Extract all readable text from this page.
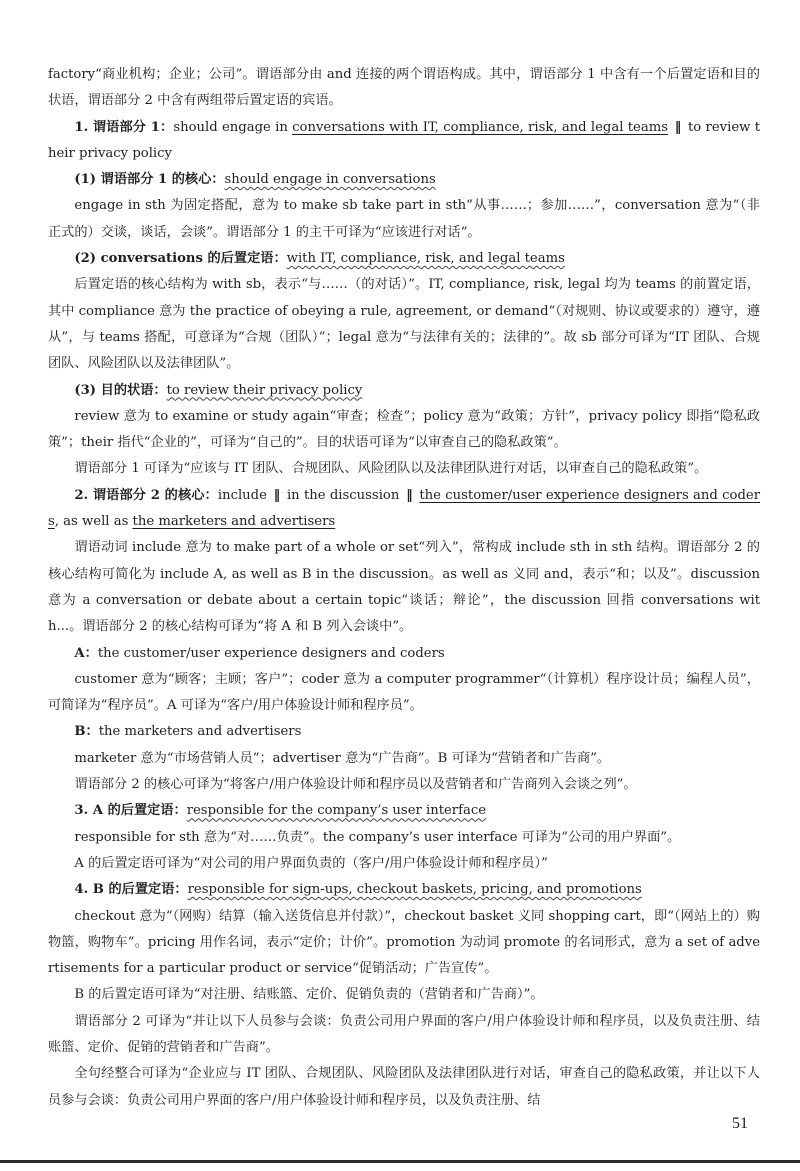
factory“商业机构；企业；公司”。谓语部分由 and 连接的两个谓语构成。其中，谓语部分 1 中含有一个后置定语和目的状语，谓语部分 2 中含有两组带后置定语的宾语。

1. 谓语部分 1：should engage in conversations with IT, compliance, risk, and legal teams ‖ to review their privacy policy

(1) 谓语部分 1 的核心：should engage in conversations

engage in sth 为固定搭配，意为 to make sb take part in sth“从事……；参加……”，conversation 意为“（非正式的）交谈，谈话，会谈”。谓语部分 1 的主干可译为“应该进行对话”。

(2) conversations 的后置定语：with IT, compliance, risk, and legal teams

后置定语的核心结构为 with sb，表示“与……（的对话）”。IT, compliance, risk, legal 均为 teams 的前置定语，其中 compliance 意为 the practice of obeying a rule, agreement, or demand“（对规则、协议或要求的）遵守，遵从”，与 teams 搭配，可意译为“合规（团队）”；legal 意为“与法律有关的；法律的”。故 sb 部分可译为“IT 团队、合规团队、风险团队以及法律团队”。

(3) 目的状语：to review their privacy policy

review 意为 to examine or study again“审查；检查”；policy 意为“政策；方针”，privacy policy 即指“隐私政策”；their 指代“企业的”，可译为“自己的”。目的状语可译为“以审查自己的隐私政策”。

谓语部分 1 可译为“应该与 IT 团队、合规团队、风险团队以及法律团队进行对话，以审查自己的隐私政策”。

2. 谓语部分 2 的核心：include ‖ in the discussion ‖ the customer/user experience designers and coders, as well as the marketers and advertisers

谓语动词 include 意为 to make part of a whole or set“列入”，常构成 include sth in sth 结构。谓语部分 2 的核心结构可简化为 include A, as well as B in the discussion。as well as 义同 and，表示“和；以及”。discussion 意为 a conversation or debate about a certain topic“谈话；辩论”，the discussion 回指 conversations with...。谓语部分 2 的核心结构可译为“将 A 和 B 列入会谈中”。

A：the customer/user experience designers and coders

customer 意为“顾客；主顾；客户”；coder 意为 a computer programmer“（计算机）程序设计员；编程人员”，可简译为“程序员”。A 可译为“客户/用户体验设计师和程序员”。

B：the marketers and advertisers

marketer 意为“市场营销人员”；advertiser 意为“广告商”。B 可译为“营销者和广告商”。

谓语部分 2 的核心可译为“将客户/用户体验设计师和程序员以及营销者和广告商列入会谈之列”。

3. A 的后置定语：responsible for the company’s user interface

responsible for sth 意为“对……负责”。the company’s user interface 可译为“公司的用户界面”。

A 的后置定语可译为“对公司的用户界面负责的（客户/用户体验设计师和程序员）”

4. B 的后置定语：responsible for sign-ups, checkout baskets, pricing, and promotions

checkout 意为“（网购）结算（输入送货信息并付款）”，checkout basket 义同 shopping cart，即“（网站上的）购物篮，购物车”。pricing 用作名词，表示“定价；计价”。promotion 为动词 promote 的名词形式，意为 a set of advertisements for a particular product or service“促销活动；广告宣传”。

B 的后置定语可译为“对注册、结账篮、定价、促销负责的（营销者和广告商）”。

谓语部分 2 可译为“并让以下人员参与会谈：负责公司用户界面的客户/用户体验设计师和程序员，以及负责注册、结账篮、定价、促销的营销者和广告商”。

全句经整合可译为“企业应与 IT 团队、合规团队、风险团队及法律团队进行对话，审查自己的隐私政策，并让以下人员参与会谈：负责公司用户界面的客户/用户体验设计师和程序员，以及负责注册、结

51
